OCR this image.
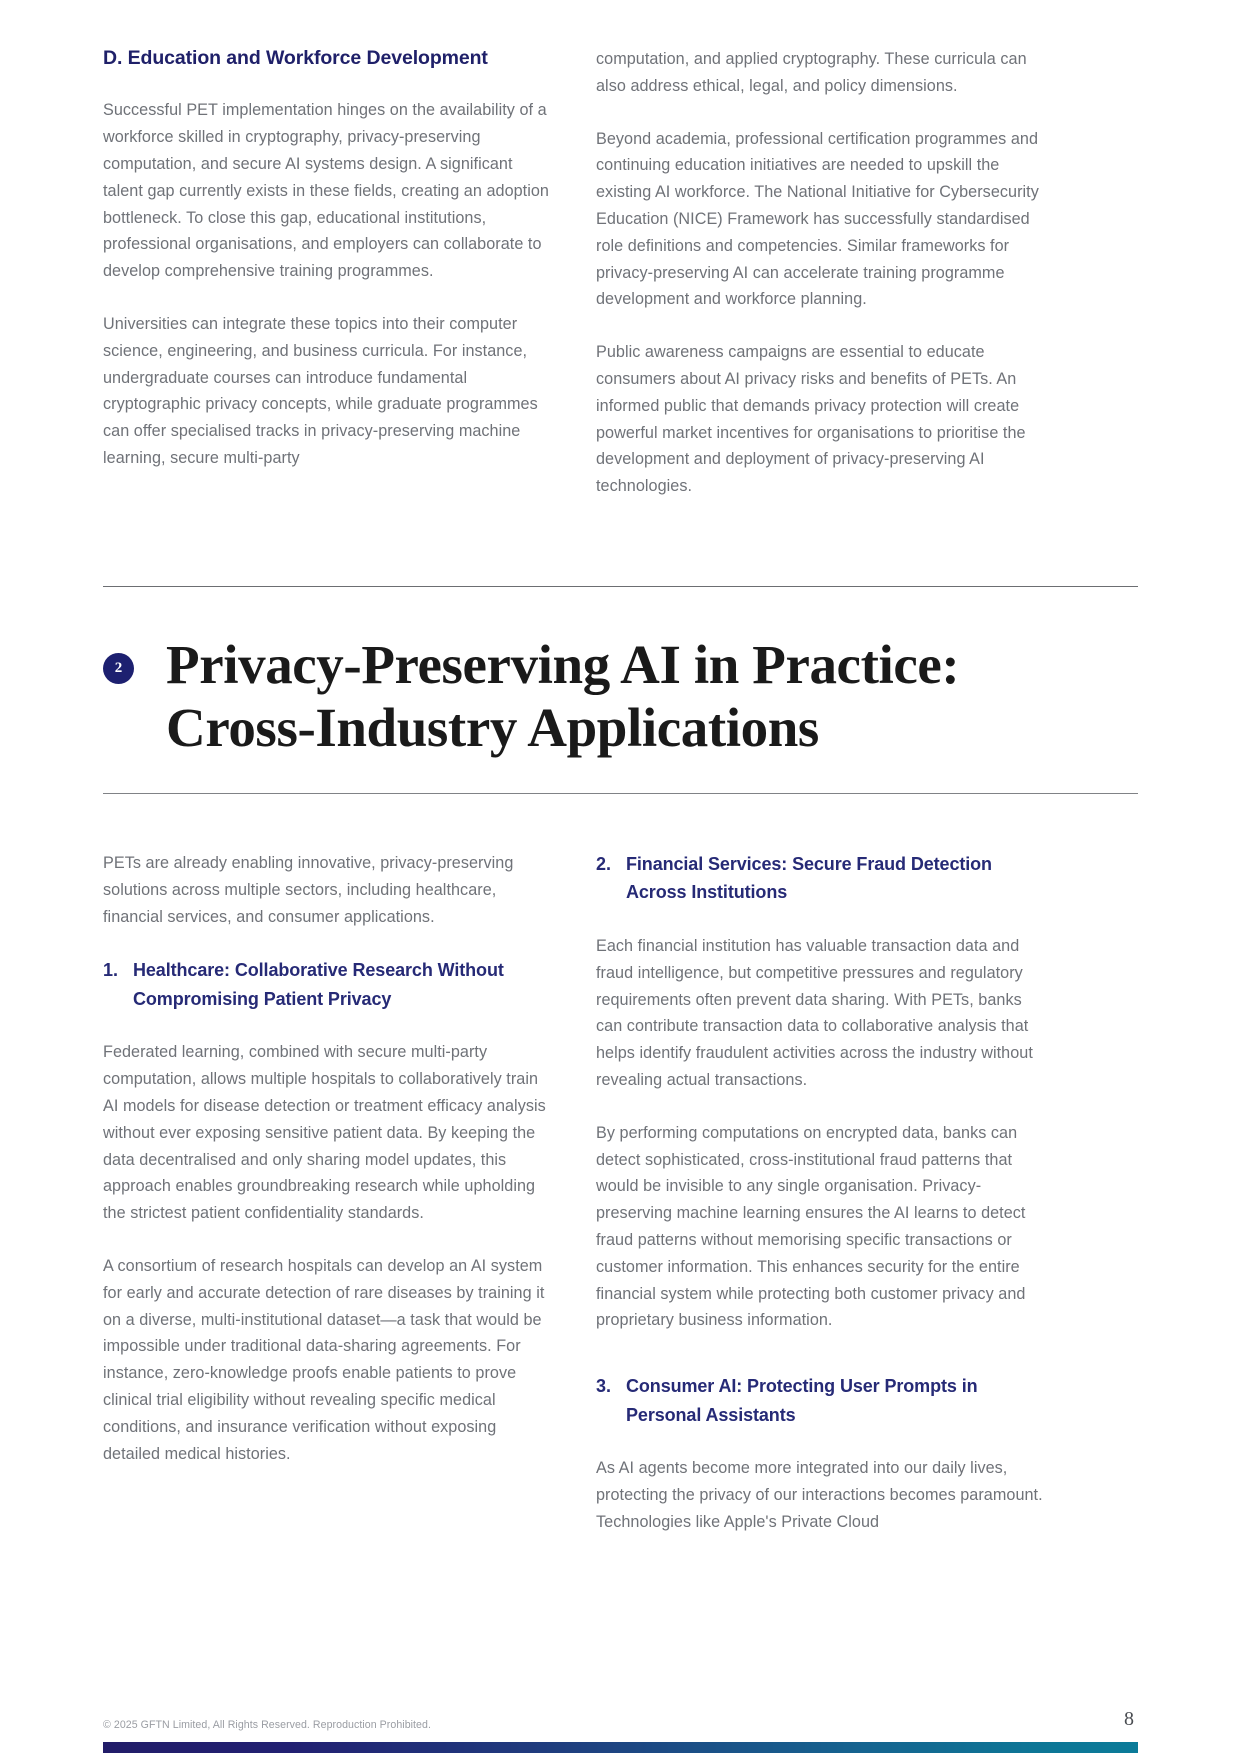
D. Education and Workforce Development

Successful PET implementation hinges on the availability of a workforce skilled in cryptography, privacy-preserving computation, and secure AI systems design. A significant talent gap currently exists in these fields, creating an adoption bottleneck. To close this gap, educational institutions, professional organisations, and employers can collaborate to develop comprehensive training programmes.

Universities can integrate these topics into their computer science, engineering, and business curricula. For instance, undergraduate courses can introduce fundamental cryptographic privacy concepts, while graduate programmes can offer specialised tracks in privacy-preserving machine learning, secure multi-party

computation, and applied cryptography. These curricula can also address ethical, legal, and policy dimensions.

Beyond academia, professional certification programmes and continuing education initiatives are needed to upskill the existing AI workforce. The National Initiative for Cybersecurity Education (NICE) Framework has successfully standardised role definitions and competencies. Similar frameworks for privacy-preserving AI can accelerate training programme development and workforce planning.

Public awareness campaigns are essential to educate consumers about AI privacy risks and benefits of PETs. An informed public that demands privacy protection will create powerful market incentives for organisations to prioritise the development and deployment of privacy-preserving AI technologies.

2 Privacy-Preserving AI in Practice: Cross-Industry Applications

PETs are already enabling innovative, privacy-preserving solutions across multiple sectors, including healthcare, financial services, and consumer applications.

1. Healthcare: Collaborative Research Without Compromising Patient Privacy

Federated learning, combined with secure multi-party computation, allows multiple hospitals to collaboratively train AI models for disease detection or treatment efficacy analysis without ever exposing sensitive patient data. By keeping the data decentralised and only sharing model updates, this approach enables groundbreaking research while upholding the strictest patient confidentiality standards.

A consortium of research hospitals can develop an AI system for early and accurate detection of rare diseases by training it on a diverse, multi-institutional dataset—a task that would be impossible under traditional data-sharing agreements. For instance, zero-knowledge proofs enable patients to prove clinical trial eligibility without revealing specific medical conditions, and insurance verification without exposing detailed medical histories.

2. Financial Services: Secure Fraud Detection Across Institutions

Each financial institution has valuable transaction data and fraud intelligence, but competitive pressures and regulatory requirements often prevent data sharing. With PETs, banks can contribute transaction data to collaborative analysis that helps identify fraudulent activities across the industry without revealing actual transactions.

By performing computations on encrypted data, banks can detect sophisticated, cross-institutional fraud patterns that would be invisible to any single organisation. Privacy-preserving machine learning ensures the AI learns to detect fraud patterns without memorising specific transactions or customer information. This enhances security for the entire financial system while protecting both customer privacy and proprietary business information.

3. Consumer AI: Protecting User Prompts in Personal Assistants

As AI agents become more integrated into our daily lives, protecting the privacy of our interactions becomes paramount. Technologies like Apple's Private Cloud

© 2025 GFTN Limited, All Rights Reserved. Reproduction Prohibited.	8
